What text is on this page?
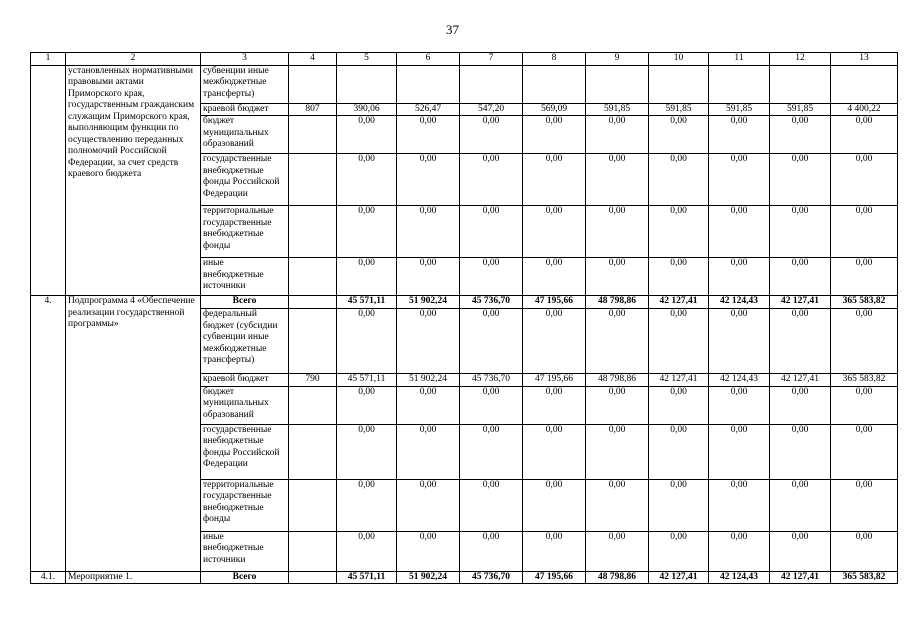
37
1	2	3	4	5	6	7	8	9	10	11	12	13
	установленных нормативными правовыми актами Приморского края, государственным гражданским служащим Приморского края, выполняющим функции по осуществлению переданных полномочий Российской Федерации, за счет средств краевого бюджета	субвенции иные межбюджетные трансферты)										
		краевой бюджет	807	390,06	526,47	547,20	569,09	591,85	591,85	591,85	591,85	4 400,22
		бюджет муниципальных образований		0,00	0,00	0,00	0,00	0,00	0,00	0,00	0,00	0,00
		государственные внебюджетные фонды Российской Федерации		0,00	0,00	0,00	0,00	0,00	0,00	0,00	0,00	0,00
		территориальные государственные внебюджетные фонды		0,00	0,00	0,00	0,00	0,00	0,00	0,00	0,00	0,00
		иные внебюджетные источники		0,00	0,00	0,00	0,00	0,00	0,00	0,00	0,00	0,00
4.	Подпрограмма 4 «Обеспечение реализации государственной программы»	Всего		45 571,11	51 902,24	45 736,70	47 195,66	48 798,86	42 127,41	42 124,43	42 127,41	365 583,82
		федеральный бюджет (субсидии субвенции иные межбюджетные трансферты)		0,00	0,00	0,00	0,00	0,00	0,00	0,00	0,00	0,00
		краевой бюджет	790	45 571,11	51 902,24	45 736,70	47 195,66	48 798,86	42 127,41	42 124,43	42 127,41	365 583,82
		бюджет муниципальных образований		0,00	0,00	0,00	0,00	0,00	0,00	0,00	0,00	0,00
		государственные внебюджетные фонды Российской Федерации		0,00	0,00	0,00	0,00	0,00	0,00	0,00	0,00	0,00
		территориальные государственные внебюджетные фонды		0,00	0,00	0,00	0,00	0,00	0,00	0,00	0,00	0,00
		иные внебюджетные источники		0,00	0,00	0,00	0,00	0,00	0,00	0,00	0,00	0,00
4.1.	Мероприятие 1.	Всего		45 571,11	51 902,24	45 736,70	47 195,66	48 798,86	42 127,41	42 124,43	42 127,41	365 583,82
